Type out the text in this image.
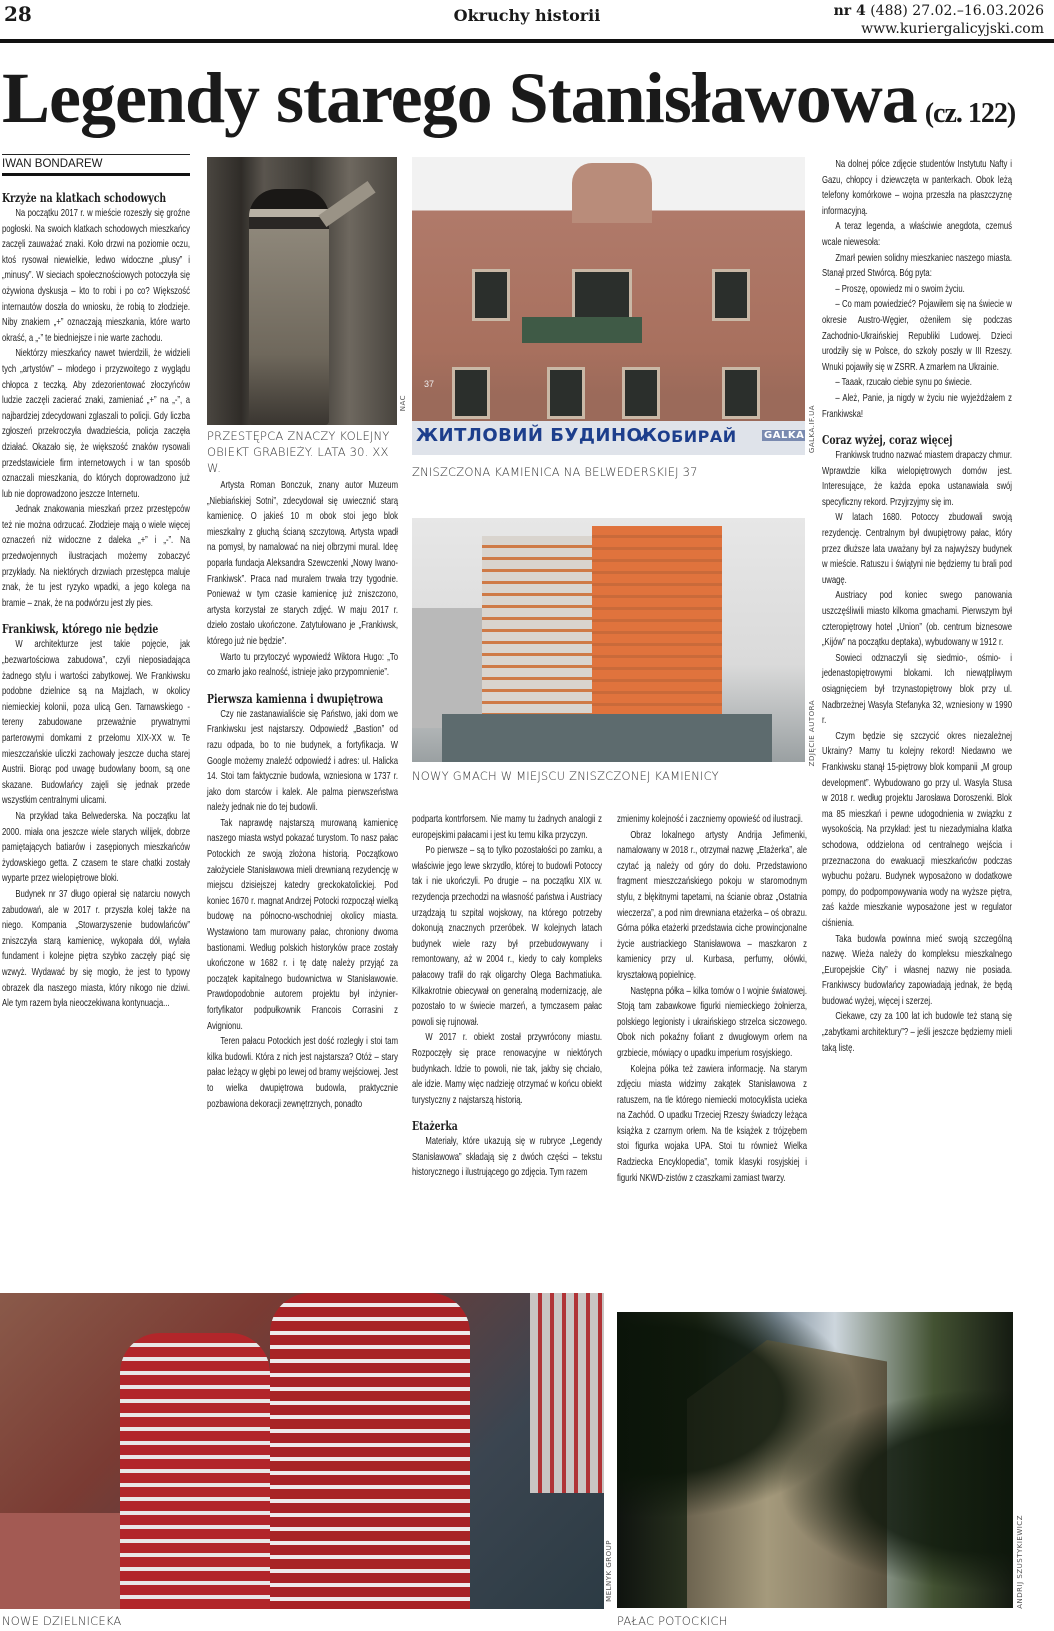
28	Okruchy historii	nr 4 (488) 27.02.–16.03.2026
www.kuriergalicyjski.com
Legendy starego Stanisławowa (cz. 122)
IWAN BONDAREW
Krzyże na klatkach schodowych

Na początku 2017 r. w mieście rozeszły się groźne pogłoski. Na swoich klatkach schodowych mieszkańcy zaczęli zauważać znaki. Koło drzwi na poziomie oczu, ktoś rysował niewielkie, ledwo widoczne „plusy” i „minusy”. W sieciach społecznościowych potoczyła się ożywiona dyskusja – kto to robi i po co? Większość internautów doszła do wniosku, że robią to złodzieje. Niby znakiem „+” oznaczają mieszkania, które warto okraść, a „-” te biedniejsze i nie warte zachodu.

Niektórzy mieszkańcy nawet twierdzili, że widzieli tych „artystów” – młodego i przyzwoitego z wyglądu chłopca z teczką. Aby zdezorientować złoczyńców ludzie zaczęli zacierać znaki, zamieniać „+” na „-”, a najbardziej zdecydowani zglaszali to policji. Gdy liczba zgłoszeń przekroczyła dwadzieścia, policja zaczęła działać. Okazało się, że większość znaków rysowali przedstawiciele firm internetowych i w tan sposób oznaczali mieszkania, do których doprowadzono już lub nie doprowadzono jeszcze Internetu.

Jednak znakowania mieszkań przez przestępców też nie można odrzucać. Złodzieje mają o wiele więcej oznaczeń niż widoczne z daleka „+” i „-”. Na przedwojennych ilustracjach możemy zobaczyć przykłady. Na niektórych drzwiach przestępca maluje znak, że tu jest ryzyko wpadki, a jego kolega na bramie – znak, że na podwórzu jest zły pies.

Frankiwsk, którego nie będzie

W architekturze jest takie pojęcie, jak „bezwartościowa zabudowa”, czyli nieposiadająca żadnego stylu i wartości zabytkowej. We Frankiwsku podobne dzielnice są na Majzlach, w okolicy niemieckiej kolonii, poza ulicą Gen. Tarnawskiego - tereny zabudowane przeważnie prywatnymi parterowymi domkami z przełomu XIX-XX w. Te mieszczańskie uliczki zachowały jeszcze ducha starej Austrii. Biorąc pod uwagę budowlany boom, są one skazane. Budowlańcy zajęli się jednak przede wszystkim centralnymi ulicami.

Na przykład taka Belwederska. Na początku lat 2000. miała ona jeszcze wiele starych wilijek, dobrze pamiętających batiarów i zasępionych mieszkańców żydowskiego getta. Z czasem te stare chatki zostały wyparte przez wielopiętrowe bloki.

Budynek nr 37 długo opierał się natarciu nowych zabudowań, ale w 2017 r. przyszła kolej także na niego. Kompania „Stowarzyszenie budowlańców” zniszczyła starą kamienicę, wykopała dół, wylała fundament i kolejne piętra szybko zaczęły piąć się wzwyż. Wydawać by się mogło, że jest to typowy obrazek dla naszego miasta, który nikogo nie dziwi. Ale tym razem była nieoczekiwana kontynuacja...

Artysta Roman Bonczuk, znany autor Muzeum „Niebiańskiej Sotni”, zdecydował się uwiecznić starą kamienicę. O jakieś 10 m obok stoi jego blok mieszkalny z głuchą ścianą szczytową. Artysta wpadł na pomysł, by namalować na niej olbrzymi mural. Ideę poparła fundacja Aleksandra Szewczenki „Nowy Iwano-Frankiwsk”. Praca nad muralem trwała trzy tygodnie. Ponieważ w tym czasie kamienicę już zniszczono, artysta korzystał ze starych zdjęć. W maju 2017 r. dzieło zostało ukończone. Zatytułowano je „Frankiwsk, którego już nie będzie”.

Warto tu przytoczyć wypowiedź Wiktora Hugo: „To co zmarło jako realność, istnieje jako przypomnienie”.

Pierwsza kamienna i dwupiętrowa

Czy nie zastanawialiście się Państwo, jaki dom we Frankiwsku jest najstarszy. Odpowiedź „Bastion” od razu odpada, bo to nie budynek, a fortyfikacja. W Google możemy znaleźć odpowiedź i adres: ul. Halicka 14. Stoi tam faktycznie budowla, wzniesiona w 1737 r. jako dom starców i kalek. Ale palma pierwszeństwa należy jednak nie do tej budowli.

Tak naprawdę najstarszą murowaną kamienicę naszego miasta wstyd pokazać turystom. To nasz pałac Potockich ze swoją złożona historią. Początkowo założyciele Stanisławowa mieli drewnianą rezydencję w miejscu dzisiejszej katedry greckokatolickiej. Pod koniec 1670 r. magnat Andrzej Potocki rozpoczął wielką budowę na północno-wschodniej okolicy miasta. Wystawiono tam murowany pałac, chroniony dwoma bastionami. Według polskich historyków prace zostały ukończone w 1682 r. i tę datę należy przyjąć za początek kapitalnego budownictwa w Stanisławowie. Prawdopodobnie autorem projektu był inżynier-fortyfikator podpułkownik Francois Corrasini z Avignionu.

Teren pałacu Potockich jest dość rozległy i stoi tam kilka budowli. Która z nich jest najstarsza? Otóż – stary pałac leżący w głębi po lewej od bramy wejściowej. Jest to wielka dwupiętrowa budowla, praktycznie pozbawiona dekoracji zewnętrznych, ponadto

podparta kontrforsem. Nie mamy tu żadnych analogii z europejskimi pałacami i jest ku temu kilka przyczyn.

Po pierwsze – są to tylko pozostałości po zamku, a właściwie jego lewe skrzydło, której to budowli Potoccy tak i nie ukończyli. Po drugie – na początku XIX w. rezydencja przechodzi na własność państwa i Austriacy urządzają tu szpital wojskowy, na którego potrzeby dokonują znacznych przeróbek. W kolejnych latach budynek wiele razy był przebudowywany i remontowany, aż w 2004 r., kiedy to cały kompleks pałacowy trafił do rąk oligarchy Olega Bachmatiuka. Kilkakrotnie obiecywał on generalną modernizację, ale pozostało to w świecie marzeń, a tymczasem pałac powoli się rujnował.

W 2017 r. obiekt został przywrócony miastu. Rozpoczęły się prace renowacyjne w niektórych budynkach. Idzie to powoli, nie tak, jakby się chciało, ale idzie. Mamy więc nadzieję otrzymać w końcu obiekt turystyczny z najstarszą historią.

Etażerka

Materiały, które ukazują się w rubryce „Legendy Stanisławowa” składają się z dwóch części – tekstu historycznego i ilustrującego go zdjęcia. Tym razem

zmienimy kolejność i zaczniemy opowieść od ilustracji.

Obraz lokalnego artysty Andrija Jefimenki, namalowany w 2018 r., otrzymał nazwę „Etażerka”, ale czytać ją należy od góry do dołu. Przedstawiono fragment mieszczańskiego pokoju w staromodnym stylu, z błękitnymi tapetami, na ścianie obraz „Ostatnia wieczerza”, a pod nim drewniana etażerka – oś obrazu. Górna półka etażerki przedstawia ciche prowincjonalne życie austriackiego Stanisławowa – maszkaron z kamienicy przy ul. Kurbasa, perfumy, ołówki, kryształową popielnicę.

Następna półka – kilka tomów o I wojnie światowej. Stoją tam zabawkowe figurki niemieckiego żołnierza, polskiego legionisty i ukraińskiego strzelca siczowego. Obok nich pokaźny foliant z dwugłowym orłem na grzbiecie, mówiący o upadku imperium rosyjskiego.

Kolejna półka też zawiera informację. Na starym zdjęciu miasta widzimy zakątek Stanisławowa z ratuszem, na tle którego niemiecki motocyklista ucieka na Zachód. O upadku Trzeciej Rzeszy świadczy leżąca książka z czarnym orłem. Na tle książek z trójzębem stoi figurka wojaka UPA. Stoi tu również Wielka Radziecka Encyklopedia”, tomik klasyki rosyjskiej i figurki NKWD-zistów z czaszkami zamiast twarzy.

Na dolnej półce zdjęcie studentów Instytutu Nafty i Gazu, chłopcy i dziewczęta w panterkach. Obok leżą telefony komórkowe – wojna przeszła na płaszczyznę informacyjną.

A teraz legenda, a właściwie anegdota, czemuś wcale niewesoła:

Zmarł pewien solidny mieszkaniec naszego miasta. Stanął przed Stwórcą. Bóg pyta:

– Proszę, opowiedz mi o swoim życiu.

– Co mam powiedzieć? Pojawiłem się na świecie w okresie Austro-Węgier, ożeniłem się podczas Zachodnio-Ukraińskiej Republiki Ludowej. Dzieci urodziły się w Polsce, do szkoły poszły w III Rzeszy. Wnuki pojawiły się w ZSRR. A zmarłem na Ukrainie.

– Taaak, rzucało ciebie synu po świecie.

– Ależ, Panie, ja nigdy w życiu nie wyjeżdżałem z Frankiwska!

Coraz wyżej, coraz więcej

Frankiwsk trudno nazwać miastem drapaczy chmur. Wprawdzie kilka wielopiętrowych domów jest. Interesujące, że każda epoka ustanawiała swój specyficzny rekord. Przyjrzyjmy się im.

W latach 1680. Potoccy zbudowali swoją rezydencję. Centralnym był dwupiętrowy pałac, który przez dłuższe lata uważany był za najwyższy budynek w mieście. Ratuszu i świątyni nie będziemy tu brali pod uwagę.

Austriacy pod koniec swego panowania uszczęśliwili miasto kilkoma gmachami. Pierwszym był czteropiętrowy hotel „Union” (ob. centrum biznesowe „Kijów” na początku deptaka), wybudowany w 1912 r.

Sowieci odznaczyli się siedmio-, ośmio- i jedenastopiętrowymi blokami. Ich niewątpliwym osiągnięciem był trzynastopiętrowy blok przy ul. Nadbrzeżnej Wasyla Stefanyka 32, wzniesiony w 1990 r.

Czym będzie się szczycić okres niezależnej Ukrainy? Mamy tu kolejny rekord! Niedawno we Frankiwsku stanął 15-piętrowy blok kompanii „M group development”. Wybudowano go przy ul. Wasyla Stusa w 2018 r. według projektu Jarosława Doroszenki. Blok ma 85 mieszkań i pewne udogodnienia w związku z wysokością. Na przykład: jest tu niezadymialna klatka schodowa, oddzielona od centralnego wejścia i przeznaczona do ewakuacji mieszkańców podczas wybuchu pożaru. Budynek wyposażono w dodatkowe pompy, do podpompowywania wody na wyższe piętra, zaś każde mieszkanie wyposażone jest w regulator ciśnienia.

Taka budowla powinna mieć swoją szczególną nazwę. Wieża należy do kompleksu mieszkalnego „Europejskie City” i własnej nazwy nie posiada. Frankiwscy budowlańcy zapowiadają jednak, że będą budować wyżej, więcej i szerzej.

Ciekawe, czy za 100 lat ich budowle też staną się „zabytkami architektury”? – jeśli jeszcze będziemy mieli taką listę.

NAC
PRZESTĘPCA ZNACZY KOLEJNY OBIEKT GRABIEŻY. LATA 30. XX W.
37
ЖИТЛОВИЙ БУДИНОК
✔ ОБИРАЙ	GALKA GALKA.IF.UA
ZNISZCZONA KAMIENICA NA BELWEDERSKIEJ 37
ZDJĘCIE AUTORA
NOWY GMACH W MIEJSCU ZNISZCZONEJ KAMIENICY
MELNYK GROUP
NOWE DZIELNICEKA
ANDRIJ SZUSTYKIEWICZ
PAŁAC POTOCKICH
